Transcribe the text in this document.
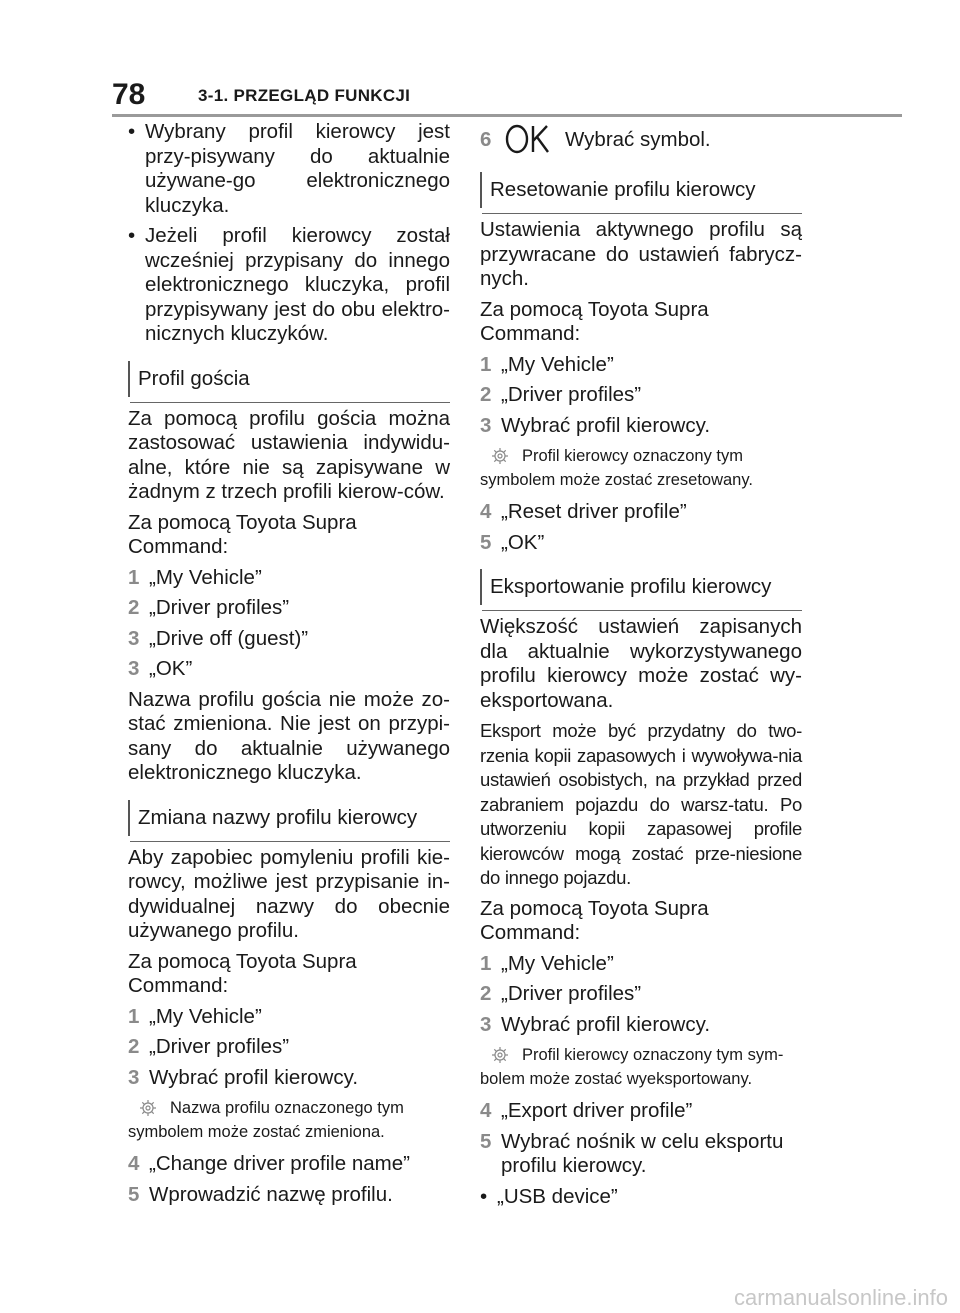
78	3-1. PRZEGLĄD FUNKCJI
• Wybrany profil kierowcy jest przy-pisywany do aktualnie używane-go elektronicznego kluczyka.
• Jeżeli profil kierowcy został wcześniej przypisany do innego elektronicznego kluczyka, profil przypisywany jest do obu elektro-nicznych kluczyków.
Profil gościa

Za pomocą profilu gościa można zastosować ustawienia indywidu-alne, które nie są zapisywane w żadnym z trzech profili kierow-ców.

Za pomocą Toyota Supra Command:

1 „My Vehicle”
2 „Driver profiles”
3 „Drive off (guest)”
3 „OK”

Nazwa profilu gościa nie może zo-stać zmieniona. Nie jest on przypi-sany do aktualnie używanego elektronicznego kluczyka.

Zmiana nazwy profilu kierowcy

Aby zapobiec pomyleniu profili kie-rowcy, możliwe jest przypisanie in-dywidualnej nazwy do obecnie używanego profilu.

Za pomocą Toyota Supra Command:

1 „My Vehicle”
2 „Driver profiles”
3 Wybrać profil kierowcy.
Nazwa profilu oznaczonego tym symbolem może zostać zmieniona.
4 „Change driver profile name”
5 Wprowadzić nazwę profilu.
6	Wybrać symbol.
Resetowanie profilu kierowcy

Ustawienia aktywnego profilu są przywracane do ustawień fabrycz-nych.

Za pomocą Toyota Supra Command:

1 „My Vehicle”
2 „Driver profiles”
3 Wybrać profil kierowcy.
Profil kierowcy oznaczony tym symbolem może zostać zresetowany.
4 „Reset driver profile”
5 „OK”
Eksportowanie profilu kierowcy

Większość ustawień zapisanych dla aktualnie wykorzystywanego profilu kierowcy może zostać wy-eksportowana.

Eksport może być przydatny do two-rzenia kopii zapasowych i wywoływa-nia ustawień osobistych, na przykład przed zabraniem pojazdu do warsz-tatu. Po utworzeniu kopii zapasowej profile kierowców mogą zostać prze-niesione do innego pojazdu.

Za pomocą Toyota Supra Command:

1 „My Vehicle”
2 „Driver profiles”
3 Wybrać profil kierowcy.
Profil kierowcy oznaczony tym sym-bolem może zostać wyeksportowany.
4 „Export driver profile”
5 Wybrać nośnik w celu eksportu profilu kierowcy.
• „USB device”
carmanualsonline.info
